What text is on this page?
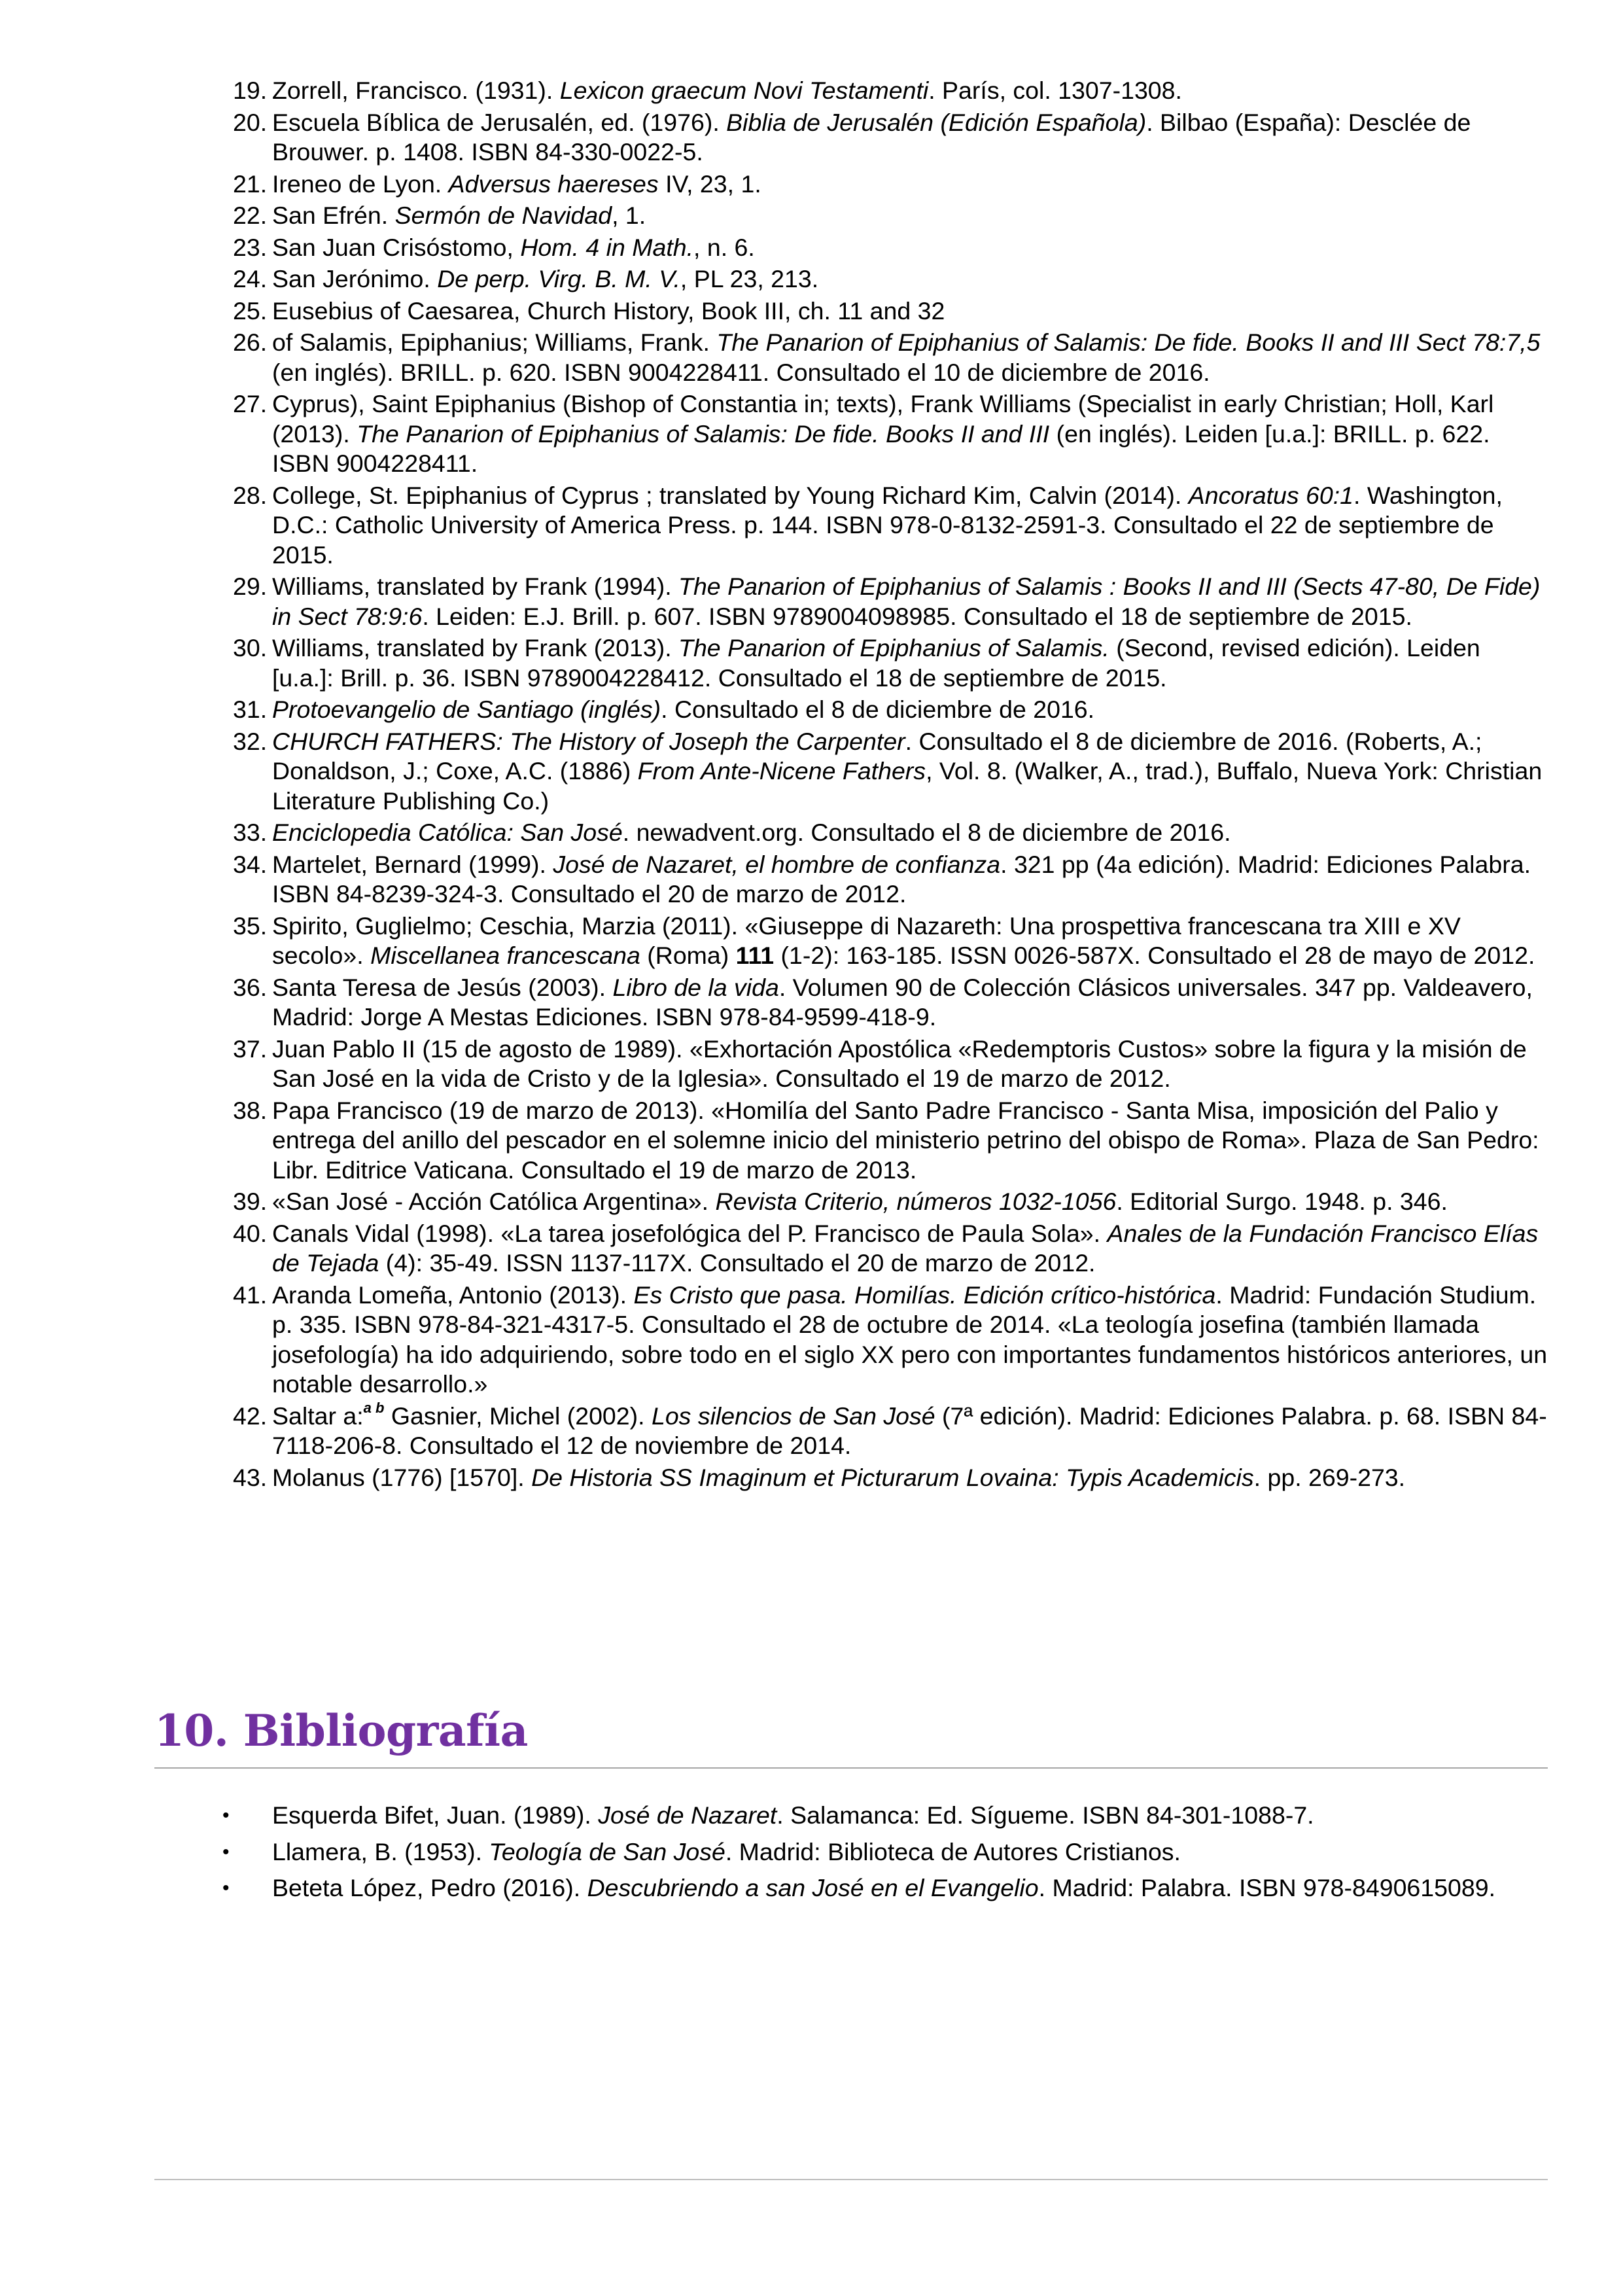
19. Zorrell, Francisco. (1931). Lexicon graecum Novi Testamenti. París, col. 1307-1308.
20. Escuela Bíblica de Jerusalén, ed. (1976). Biblia de Jerusalén (Edición Española). Bilbao (España): Desclée de Brouwer. p. 1408. ISBN 84-330-0022-5.
21. Ireneo de Lyon. Adversus haereses IV, 23, 1.
22. San Efrén. Sermón de Navidad, 1.
23. San Juan Crisóstomo, Hom. 4 in Math., n. 6.
24. San Jerónimo. De perp. Virg. B. M. V., PL 23, 213.
25. Eusebius of Caesarea, Church History, Book III, ch. 11 and 32
26. of Salamis, Epiphanius; Williams, Frank. The Panarion of Epiphanius of Salamis: De fide. Books II and III Sect 78:7,5 (en inglés). BRILL. p. 620. ISBN 9004228411. Consultado el 10 de diciembre de 2016.
27. Cyprus), Saint Epiphanius (Bishop of Constantia in; texts), Frank Williams (Specialist in early Christian; Holl, Karl (2013). The Panarion of Epiphanius of Salamis: De fide. Books II and III (en inglés). Leiden [u.a.]: BRILL. p. 622. ISBN 9004228411.
28. College, St. Epiphanius of Cyprus ; translated by Young Richard Kim, Calvin (2014). Ancoratus 60:1. Washington, D.C.: Catholic University of America Press. p. 144. ISBN 978-0-8132-2591-3. Consultado el 22 de septiembre de 2015.
29. Williams, translated by Frank (1994). The Panarion of Epiphanius of Salamis : Books II and III (Sects 47-80, De Fide) in Sect 78:9:6. Leiden: E.J. Brill. p. 607. ISBN 9789004098985. Consultado el 18 de septiembre de 2015.
30. Williams, translated by Frank (2013). The Panarion of Epiphanius of Salamis. (Second, revised edición). Leiden [u.a.]: Brill. p. 36. ISBN 9789004228412. Consultado el 18 de septiembre de 2015.
31. Protoevangelio de Santiago (inglés). Consultado el 8 de diciembre de 2016.
32. CHURCH FATHERS: The History of Joseph the Carpenter. Consultado el 8 de diciembre de 2016. (Roberts, A.; Donaldson, J.; Coxe, A.C. (1886) From Ante-Nicene Fathers, Vol. 8. (Walker, A., trad.), Buffalo, Nueva York: Christian Literature Publishing Co.)
33. Enciclopedia Católica: San José. newadvent.org. Consultado el 8 de diciembre de 2016.
34. Martelet, Bernard (1999). José de Nazaret, el hombre de confianza. 321 pp (4a edición). Madrid: Ediciones Palabra. ISBN 84-8239-324-3. Consultado el 20 de marzo de 2012.
35. Spirito, Guglielmo; Ceschia, Marzia (2011). «Giuseppe di Nazareth: Una prospettiva francescana tra XIII e XV secolo». Miscellanea francescana (Roma) 111 (1-2): 163-185. ISSN 0026-587X. Consultado el 28 de mayo de 2012.
36. Santa Teresa de Jesús (2003). Libro de la vida. Volumen 90 de Colección Clásicos universales. 347 pp. Valdeavero, Madrid: Jorge A Mestas Ediciones. ISBN 978-84-9599-418-9.
37. Juan Pablo II (15 de agosto de 1989). «Exhortación Apostólica «Redemptoris Custos» sobre la figura y la misión de San José en la vida de Cristo y de la Iglesia». Consultado el 19 de marzo de 2012.
38. Papa Francisco (19 de marzo de 2013). «Homilía del Santo Padre Francisco - Santa Misa, imposición del Palio y entrega del anillo del pescador en el solemne inicio del ministerio petrino del obispo de Roma». Plaza de San Pedro: Libr. Editrice Vaticana. Consultado el 19 de marzo de 2013.
39. «San José - Acción Católica Argentina». Revista Criterio, números 1032-1056. Editorial Surgo. 1948. p. 346.
40. Canals Vidal (1998). «La tarea josefológica del P. Francisco de Paula Sola». Anales de la Fundación Francisco Elías de Tejada (4): 35-49. ISSN 1137-117X. Consultado el 20 de marzo de 2012.
41. Aranda Lomeña, Antonio (2013). Es Cristo que pasa. Homilías. Edición crítico-histórica. Madrid: Fundación Studium. p. 335. ISBN 978-84-321-4317-5. Consultado el 28 de octubre de 2014. «La teología josefina (también llamada josefología) ha ido adquiriendo, sobre todo en el siglo XX pero con importantes fundamentos históricos anteriores, un notable desarrollo.»
42. Saltar a:$^{a b}$ Gasnier, Michel (2002). Los silencios de San José (7ª edición). Madrid: Ediciones Palabra. p. 68. ISBN 84-7118-206-8. Consultado el 12 de noviembre de 2014.
43. Molanus (1776) [1570]. De Historia SS Imaginum et Picturarum Lovaina: Typis Academicis. pp. 269-273.
10. Bibliografía
•	Esquerda Bifet, Juan. (1989). José de Nazaret. Salamanca: Ed. Sígueme. ISBN 84-301-1088-7.
•	Llamera, B. (1953). Teología de San José. Madrid: Biblioteca de Autores Cristianos.
•	Beteta López, Pedro (2016). Descubriendo a san José en el Evangelio. Madrid: Palabra. ISBN 978-8490615089.
